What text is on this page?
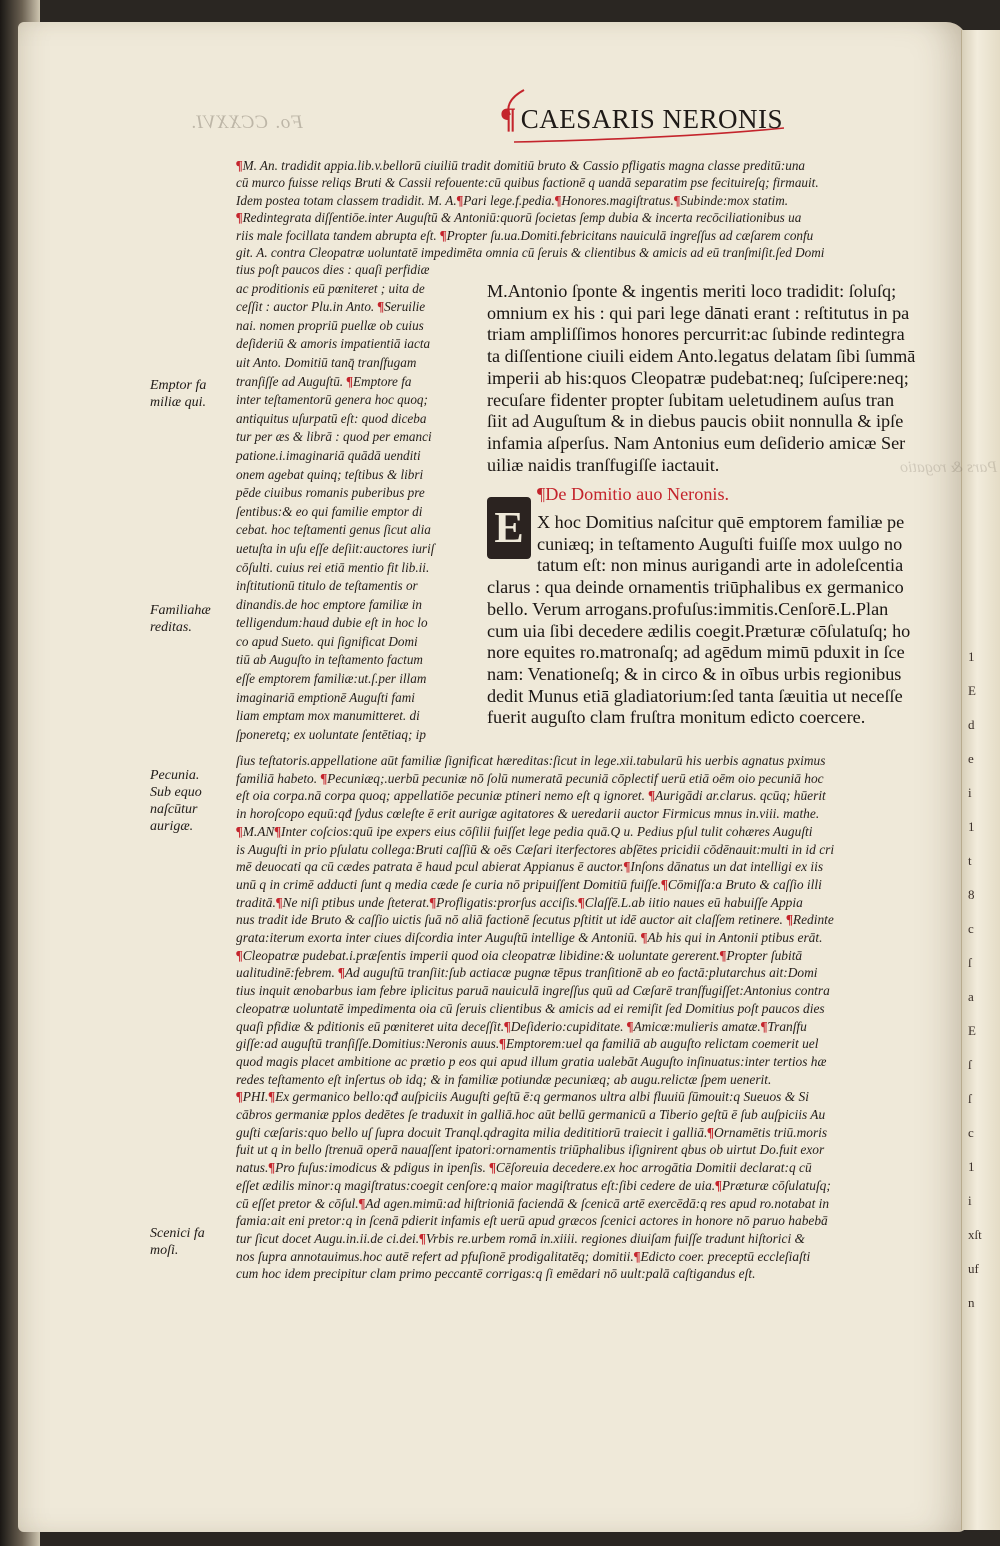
1
E
d
e
i
1
t
8
c
ſ
a
E
ſ
ſ
c
1
i
xſt
uf
n
Fo. CCXXVI.	¶ CAESARIS NERONIS

¶M. An. tradidit appia.lib.v.bellorū ciuiliū tradit domitiū bruto & Cassio pfligatis magna classe preditū:una

cū murco fuisse reliqs Bruti & Cassii refouente:cū quibus factionē q uandā separatim pse fecituireſq; firmauit.

Idem postea totam classem tradidit. M. A.¶Pari lege.f.pedia.¶Honores.magiſtratus.¶Subinde:mox statim.

¶Redintegrata diſſentiōe.inter Auguſtū & Antoniū:quorū ſocietas ſemp dubia & incerta recōciliationibus ua

riis male focillata tandem abrupta eſt. ¶Propter ſu.ua.Domiti.febricitans nauiculā ingreſſus ad cæſarem confu

git. A. contra Cleopatræ uoluntatē impedimēta omnia cū ſeruis & clientibus & amicis ad eū tranſmiſit.ſed Domi

tius poſt paucos dies : quaſi perfidiæ

ac proditionis eū pœniteret ; uita de

ceſſit : auctor Plu.in Anto. ¶Seruilie

nai. nomen propriū puellæ ob cuius

deſideriū & amoris impatientiā iacta

uit Anto. Domitiū tanq̄ tranſfugam

tranſiſſe ad Auguſtū. ¶Emptore fa

inter teſtamentorū genera hoc quoq;

antiquitus uſurpatū eſt: quod diceba

tur per æs & librā : quod per emanci

patione.i.imaginariā quādā uenditi

onem agebat quinq; teſtibus & libri

pēde ciuibus romanis puberibus pre

ſentibus:& eo qui familie emptor di

cebat. hoc teſtamenti genus ſicut alia

uetuſta in uſu eſſe deſiit:auctores iuriſ

cōſulti. cuius rei etiā mentio fit lib.ii.

inſtitutionū titulo de teſtamentis or

dinandis.de hoc emptore familiæ in

telligendum:haud dubie eſt in hoc lo

co apud Sueto. qui ſignificat Domi

tiū ab Auguſto in teſtamento factum

eſſe emptorem familiæ:ut.ſ.per illam

imaginariā emptionē Auguſti fami

liam emptam mox manumitteret. di

ſponeretq; ex uoluntate ſentētiaq; ip

M.Antonio ſponte & ingentis meriti loco tradidit: ſoluſq;

omnium ex his : qui pari lege dānati erant : reſtitutus in pa

triam ampliſſimos honores percurrit:ac ſubinde redintegra

ta diſſentione ciuili eidem Anto.legatus delatam ſibi ſummā

imperii ab his:quos Cleopatræ pudebat:neq; ſuſcipere:neq;

recuſare fidenter propter ſubitam ueletudinem auſus tran

ſiit ad Auguſtum & in diebus paucis obiit nonnulla & ipſe

infamia aſperſus. Nam Antonius eum deſiderio amicæ Ser

uiliæ naidis tranſfugiſſe iactauit.

¶De Domitio auo Neronis.

X hoc Domitius naſcitur quē emptorem familiæ pe

cuniæq; in teſtamento Auguſti fuiſſe mox uulgo no

tatum eſt: non minus aurigandi arte in adoleſcentia

clarus : qua deinde ornamentis triūphalibus ex germanico

bello. Verum arrogans.profuſus:immitis.Cenſorē.L.Plan

cum uia ſibi decedere ædilis coegit.Præturæ cōſulatuſq; ho

nore equites ro.matronaſq; ad agēdum mimū pduxit in ſce

nam: Venationeſq; & in circo & in oībus urbis regionibus

dedit Munus etiā gladiatorium:ſed tanta ſæuitia ut neceſſe

fuerit auguſto clam fruſtra monitum edicto coercere.

E

ſius teſtatoris.appellatione aūt familiæ ſignificat hæreditas:ſicut in lege.xii.tabularū his uerbis agnatus pximus

familiā habeto. ¶Pecuniæq;.uerbū pecuniæ nō ſolū numeratā pecuniā cōplectif uerū etiā oēm oio pecuniā hoc

eſt oia corpa.nā corpa quoq; appellatiōe pecuniæ ptineri nemo eſt q ignoret. ¶Aurigādi ar.clarus. qcūq; hūerit

in horoſcopo equū:qđ ſydus cœleſte ē erit aurigæ agitatores & ueredarii auctor Firmicus mnus in.viii. mathe.

¶M.AN¶Inter coſcios:quū ipe expers eius cōſilii fuiſſet lege pedia quā.Q u. Pedius pſul tulit cohæres Auguſti

is Auguſti in prio pſulatu collega:Bruti caſſiū & oēs Cæſari iterfectores abſētes pricidii cōdēnauit:multi in id cri

mē deuocati qa cū cædes patrata ē haud pcul abierat Appianus ē auctor.¶Inſons dānatus un dat intelligi ex iis

unū q in crimē adducti ſunt q media cæde ſe curia nō pripuiſſent Domitiū fuiſſe.¶Cōmiſſa:a Bruto & caſſio illi

traditā.¶Ne niſi ptibus unde ſteterat.¶Profligatis:prorſus acciſis.¶Claſſē.L.ab iitio naues eū habuiſſe Appia

nus tradit ide Bruto & caſſio uictis ſuā nō aliā factionē ſecutus pſtitit ut idē auctor ait claſſem retinere. ¶Redinte

grata:iterum exorta inter ciues diſcordia inter Auguſtū intellige & Antoniū. ¶Ab his qui in Antonii ptibus erāt.

¶Cleopatræ pudebat.i.præſentis imperii quod oia cleopatræ libidine:& uoluntate gererent.¶Propter ſubitā

ualitudinē:febrem. ¶Ad auguſtū tranſiit:ſub actiacæ pugnæ tēpus tranſitionē ab eo factā:plutarchus ait:Domi

tius inquit ænobarbus iam febre iplicitus paruā nauiculā ingreſſus quū ad Cæſarē tranſfugiſſet:Antonius contra

cleopatræ uoluntatē impedimenta oia cū ſeruis clientibus & amicis ad ei remiſit ſed Domitius poſt paucos dies

quaſi pfidiæ & pditionis eū pœniteret uita deceſſit.¶Deſiderio:cupiditate. ¶Amicæ:mulieris amatæ.¶Tranſfu

giſſe:ad auguſtū tranſiſſe.Domitius:Neronis auus.¶Emptorem:uel qa familiā ab auguſto relictam coemerit uel

quod magis placet ambitione ac prætio p eos qui apud illum gratia ualebāt Auguſto inſinuatus:inter tertios hæ

redes teſtamento eſt inſertus ob idq; & in familiæ potiundæ pecuniæq; ab augu.relictæ ſpem uenerit.

¶PHI.¶Ex germanico bello:qđ auſpiciis Auguſti geſtū ē:q germanos ultra albi fluuiū ſūmouit:q Sueuos & Si

cābros germaniæ pplos dedētes ſe traduxit in galliā.hoc aūt bellū germanicū a Tiberio geſtū ē ſub auſpiciis Au

guſti cæſaris:quo bello uſ ſupra docuit Tranql.qdragita milia dedititiorū traiecit i galliā.¶Ornamētis triū.moris

fuit ut q in bello ſtrenuā operā nauaſſent ipatori:ornamentis triūphalibus iſignirent qbus ob uirtut Do.fuit exor

natus.¶Pro fuſus:imodicus & pdigus in ipenſis. ¶Cēſoreuia decedere.ex hoc arrogātia Domitii declarat:q cū

eſſet ædilis minor:q magiſtratus:coegit cenſore:q maior magiſtratus eſt:ſibi cedere de uia.¶Præturæ cōſulatuſq;

cū eſſet pretor & cōſul.¶Ad agen.mimū:ad hiſtrioniā faciendā & ſcenicā artē exercēdā:q res apud ro.notabat in

famia:ait eni pretor:q in ſcenā pdierit infamis eſt uerū apud græcos ſcenici actores in honore nō paruo habebā

tur ſicut docet Augu.in.ii.de ci.dei.¶Vrbis re.urbem romā in.xiiii. regiones diuiſam fuiſſe tradunt hiſtorici &

nos ſupra annotauimus.hoc autē refert ad pfuſionē prodigalitatēq; domitii.¶Edicto coer. preceptū eccleſiaſti

cum hoc idem precipitur clam primo peccantē corrigas:q ſi emēdari nō uult:palā caſtigandus eſt.

Emptor fa
miliæ qui.
Familiahæ
reditas.
Pecunia.
Sub equo
naſcūtur
aurigæ.
Scenici fa
moſi.
Pars & rogatio
